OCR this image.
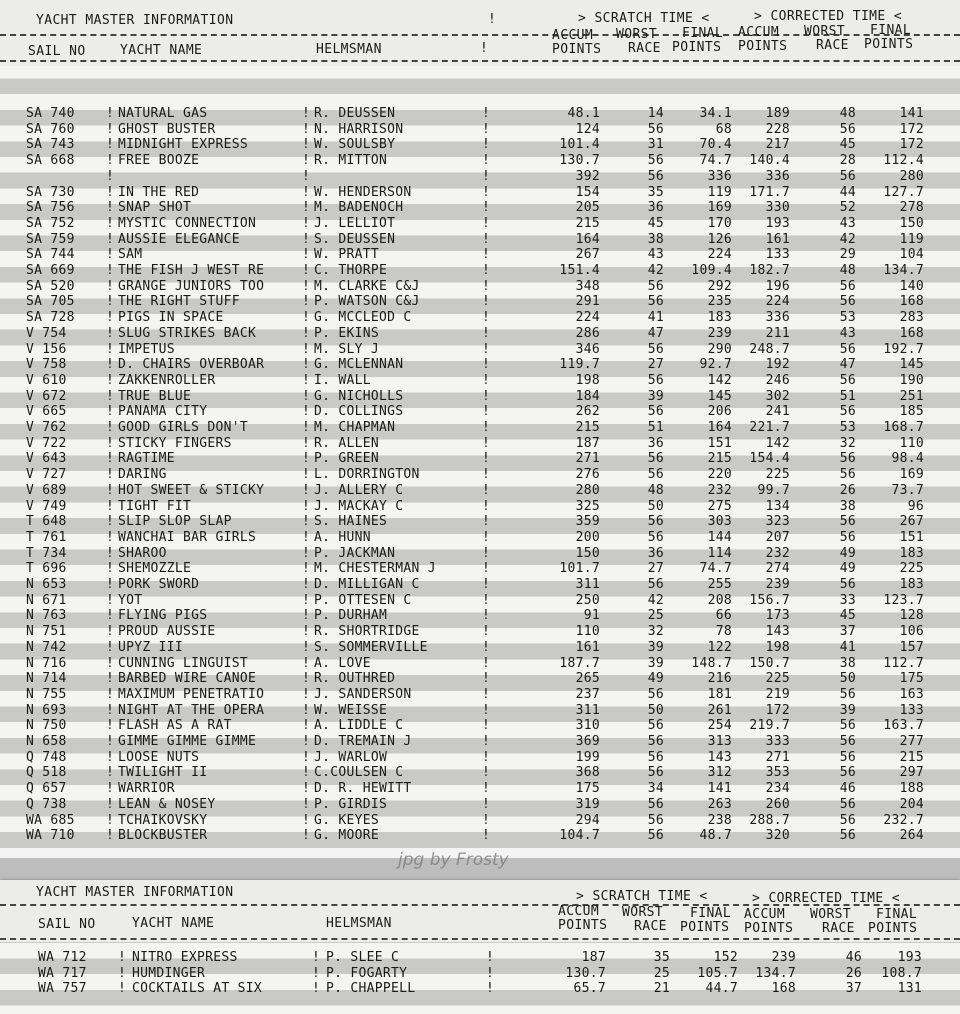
YACHT MASTER INFORMATION	!	> SCRATCH TIME <	> CORRECTED TIME <
ACCUM WORST FINAL ACCUM WORST FINAL
SAIL NO	YACHT NAME	HELMSMAN	!	POINTS RACE POINTS POINTS RACE POINTS
SA 740 ! NATURAL GAS	! R. DEUSSEN	!	48.1	14	34.1	189	48	141
SA 760 ! GHOST BUSTER	! N. HARRISON	!	124	56	68	228	56	172
SA 743 ! MIDNIGHT EXPRESS	! W. SOULSBY	!	101.4	31	70.4	217	45	172
SA 668 ! FREE BOOZE	! R. MITTON	!	130.7	56	74.7	140.4	28	112.4
!	!	!	392	56	336	336	56	280
SA 730 ! IN THE RED	! W. HENDERSON	!	154	35	119	171.7	44	127.7
SA 756 ! SNAP SHOT	! M. BADENOCH	!	205	36	169	330	52	278
SA 752 ! MYSTIC CONNECTION	! J. LELLIOT	!	215	45	170	193	43	150
SA 759 ! AUSSIE ELEGANCE	! S. DEUSSEN	!	164	38	126	161	42	119
SA 744 ! SAM	! W. PRATT	!	267	43	224	133	29	104
SA 669 ! THE FISH J WEST RE	! C. THORPE	!	151.4	42	109.4	182.7	48	134.7
SA 520 ! GRANGE JUNIORS TOO	! M. CLARKE C&J	!	348	56	292	196	56	140
SA 705 ! THE RIGHT STUFF	! P. WATSON C&J	!	291	56	235	224	56	168
SA 728 ! PIGS IN SPACE	! G. MCCLEOD C	!	224	41	183	336	53	283
V 754	! SLUG STRIKES BACK	! P. EKINS	!	286	47	239	211	43	168
V 156	! IMPETUS	! M. SLY J	!	346	56	290	248.7	56	192.7
V 758	! D. CHAIRS OVERBOAR	! G. MCLENNAN	!	119.7	27	92.7	192	47	145
V 610	! ZAKKENROLLER	! I. WALL	!	198	56	142	246	56	190
V 672	! TRUE BLUE	! G. NICHOLLS	!	184	39	145	302	51	251
V 665	! PANAMA CITY	! D. COLLINGS	!	262	56	206	241	56	185
V 762	! GOOD GIRLS DON'T	! M. CHAPMAN	!	215	51	164	221.7	53	168.7
V 722	! STICKY FINGERS	! R. ALLEN	!	187	36	151	142	32	110
V 643	! RAGTIME	! P. GREEN	!	271	56	215	154.4	56	98.4
V 727	! DARING	! L. DORRINGTON	!	276	56	220	225	56	169
V 689	! HOT SWEET & STICKY	! J. ALLERY C	!	280	48	232	99.7	26	73.7
V 749	! TIGHT FIT	! J. MACKAY C	!	325	50	275	134	38	96
T 648	! SLIP SLOP SLAP	! S. HAINES	!	359	56	303	323	56	267
T 761	! WANCHAI BAR GIRLS	! A. HUNN	!	200	56	144	207	56	151
T 734	! SHAROO	! P. JACKMAN	!	150	36	114	232	49	183
T 696	! SHEMOZZLE	! M. CHESTERMAN J	!	101.7	27	74.7	274	49	225
N 653	! PORK SWORD	! D. MILLIGAN C	!	311	56	255	239	56	183
N 671	! YOT	! P. OTTESEN C	!	250	42	208	156.7	33	123.7
N 763	! FLYING PIGS	! P. DURHAM	!	91	25	66	173	45	128
N 751	! PROUD AUSSIE	! R. SHORTRIDGE	!	110	32	78	143	37	106
N 742	! UPYZ III	! S. SOMMERVILLE	!	161	39	122	198	41	157
N 716	! CUNNING LINGUIST	! A. LOVE	!	187.7	39	148.7	150.7	38	112.7
N 714	! BARBED WIRE CANOE	! R. OUTHRED	!	265	49	216	225	50	175
N 755	! MAXIMUM PENETRATIO	! J. SANDERSON	!	237	56	181	219	56	163
N 693	! NIGHT AT THE OPERA	! W. WEISSE	!	311	50	261	172	39	133
N 750	! FLASH AS A RAT	! A. LIDDLE C	!	310	56	254	219.7	56	163.7
N 658	! GIMME GIMME GIMME	! D. TREMAIN J	!	369	56	313	333	56	277
Q 748	! LOOSE NUTS	! J. WARLOW	!	199	56	143	271	56	215
Q 518	! TWILIGHT II	! C.COULSEN C	!	368	56	312	353	56	297
Q 657	! WARRIOR	! D. R. HEWITT	!	175	34	141	234	46	188
Q 738	! LEAN & NOSEY	! P. GIRDIS	!	319	56	263	260	56	204
WA 685 ! TCHAIKOVSKY	! G. KEYES	!	294	56	238	288.7	56	232.7
WA 710 ! BLOCKBUSTER	! G. MOORE	!	104.7	56	48.7	320	56	264
jpg by Frosty
YACHT MASTER INFORMATION	> SCRATCH TIME <	> CORRECTED TIME <
ACCUM WORST FINAL ACCUM WORST FINAL
SAIL NO	YACHT NAME	HELMSMAN	POINTS RACE POINTS POINTS RACE POINTS
WA 712 ! NITRO EXPRESS	! P. SLEE C	!	187	35	152	239	46	193
WA 717 ! HUMDINGER	! P. FOGARTY	!	130.7	25	105.7	134.7	26	108.7
WA 757 ! COCKTAILS AT SIX	! P. CHAPPELL	!	65.7	21	44.7	168	37	131
